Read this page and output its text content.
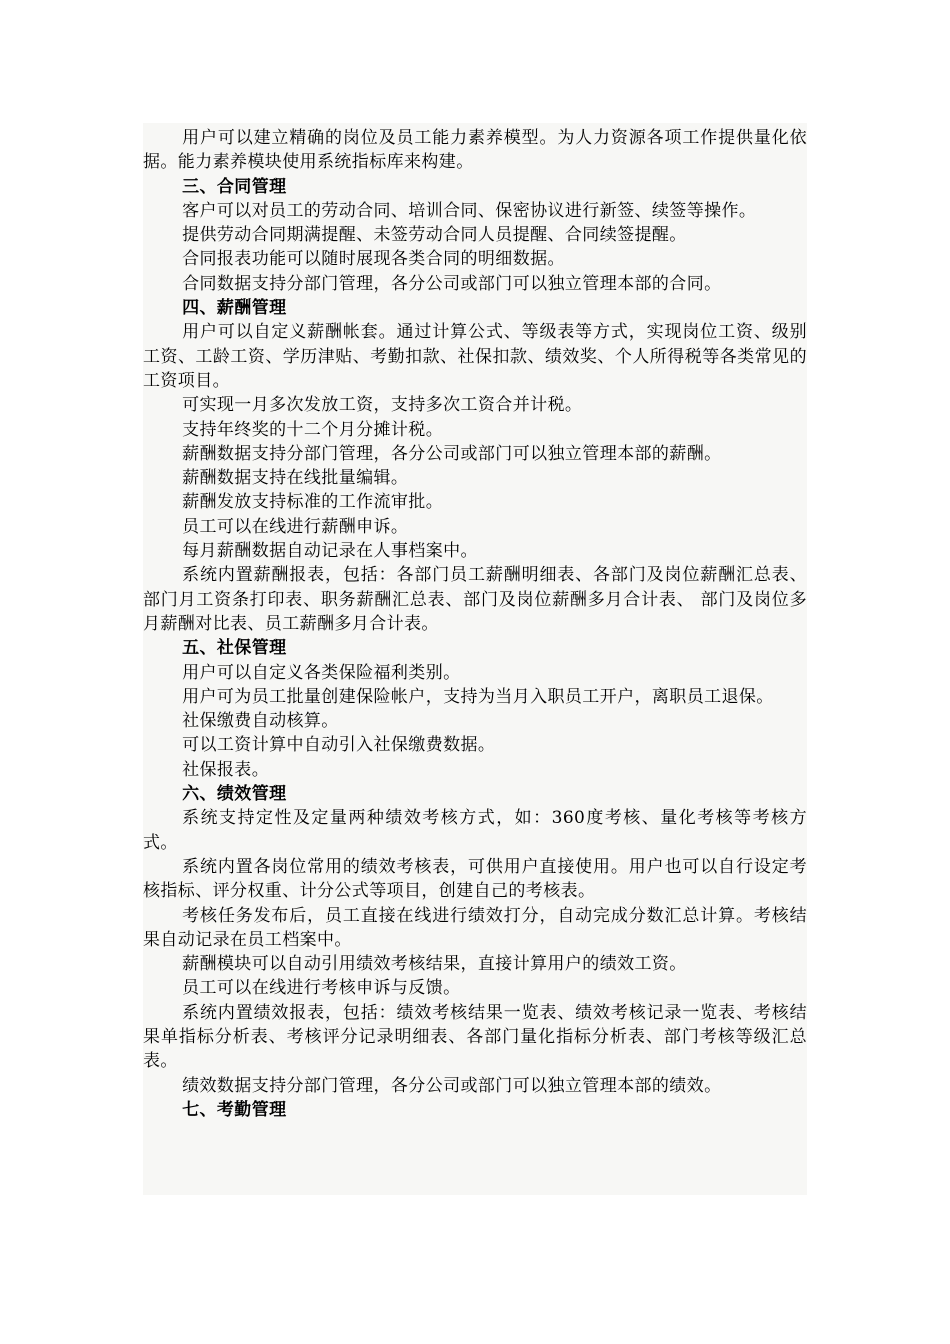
用户可以建立精确的岗位及员工能力素养模型。为人力资源各项工作提供量化依据。能力素养模块使用系统指标库来构建。

三、合同管理

客户可以对员工的劳动合同、培训合同、保密协议进行新签、续签等操作。

提供劳动合同期满提醒、未签劳动合同人员提醒、合同续签提醒。

合同报表功能可以随时展现各类合同的明细数据。

合同数据支持分部门管理，各分公司或部门可以独立管理本部的合同。

四、薪酬管理

用户可以自定义薪酬帐套。通过计算公式、等级表等方式，实现岗位工资、级别工资、工龄工资、学历津贴、考勤扣款、社保扣款、绩效奖、个人所得税等各类常见的工资项目。

可实现一月多次发放工资，支持多次工资合并计税。

支持年终奖的十二个月分摊计税。

薪酬数据支持分部门管理，各分公司或部门可以独立管理本部的薪酬。

薪酬数据支持在线批量编辑。

薪酬发放支持标准的工作流审批。

员工可以在线进行薪酬申诉。

每月薪酬数据自动记录在人事档案中。

系统内置薪酬报表，包括：各部门员工薪酬明细表、各部门及岗位薪酬汇总表、部门月工资条打印表、职务薪酬汇总表、部门及岗位薪酬多月合计表、 部门及岗位多月薪酬对比表、员工薪酬多月合计表。

五、社保管理

用户可以自定义各类保险福利类别。

用户可为员工批量创建保险帐户，支持为当月入职员工开户，离职员工退保。

社保缴费自动核算。

可以工资计算中自动引入社保缴费数据。

社保报表。

六、绩效管理

系统支持定性及定量两种绩效考核方式，如：360度考核、量化考核等考核方式。

系统内置各岗位常用的绩效考核表，可供用户直接使用。用户也可以自行设定考核指标、评分权重、计分公式等项目，创建自己的考核表。

考核任务发布后，员工直接在线进行绩效打分，自动完成分数汇总计算。考核结果自动记录在员工档案中。

薪酬模块可以自动引用绩效考核结果，直接计算用户的绩效工资。

员工可以在线进行考核申诉与反馈。

系统内置绩效报表，包括：绩效考核结果一览表、绩效考核记录一览表、考核结果单指标分析表、考核评分记录明细表、各部门量化指标分析表、部门考核等级汇总表。

绩效数据支持分部门管理，各分公司或部门可以独立管理本部的绩效。

七、考勤管理
